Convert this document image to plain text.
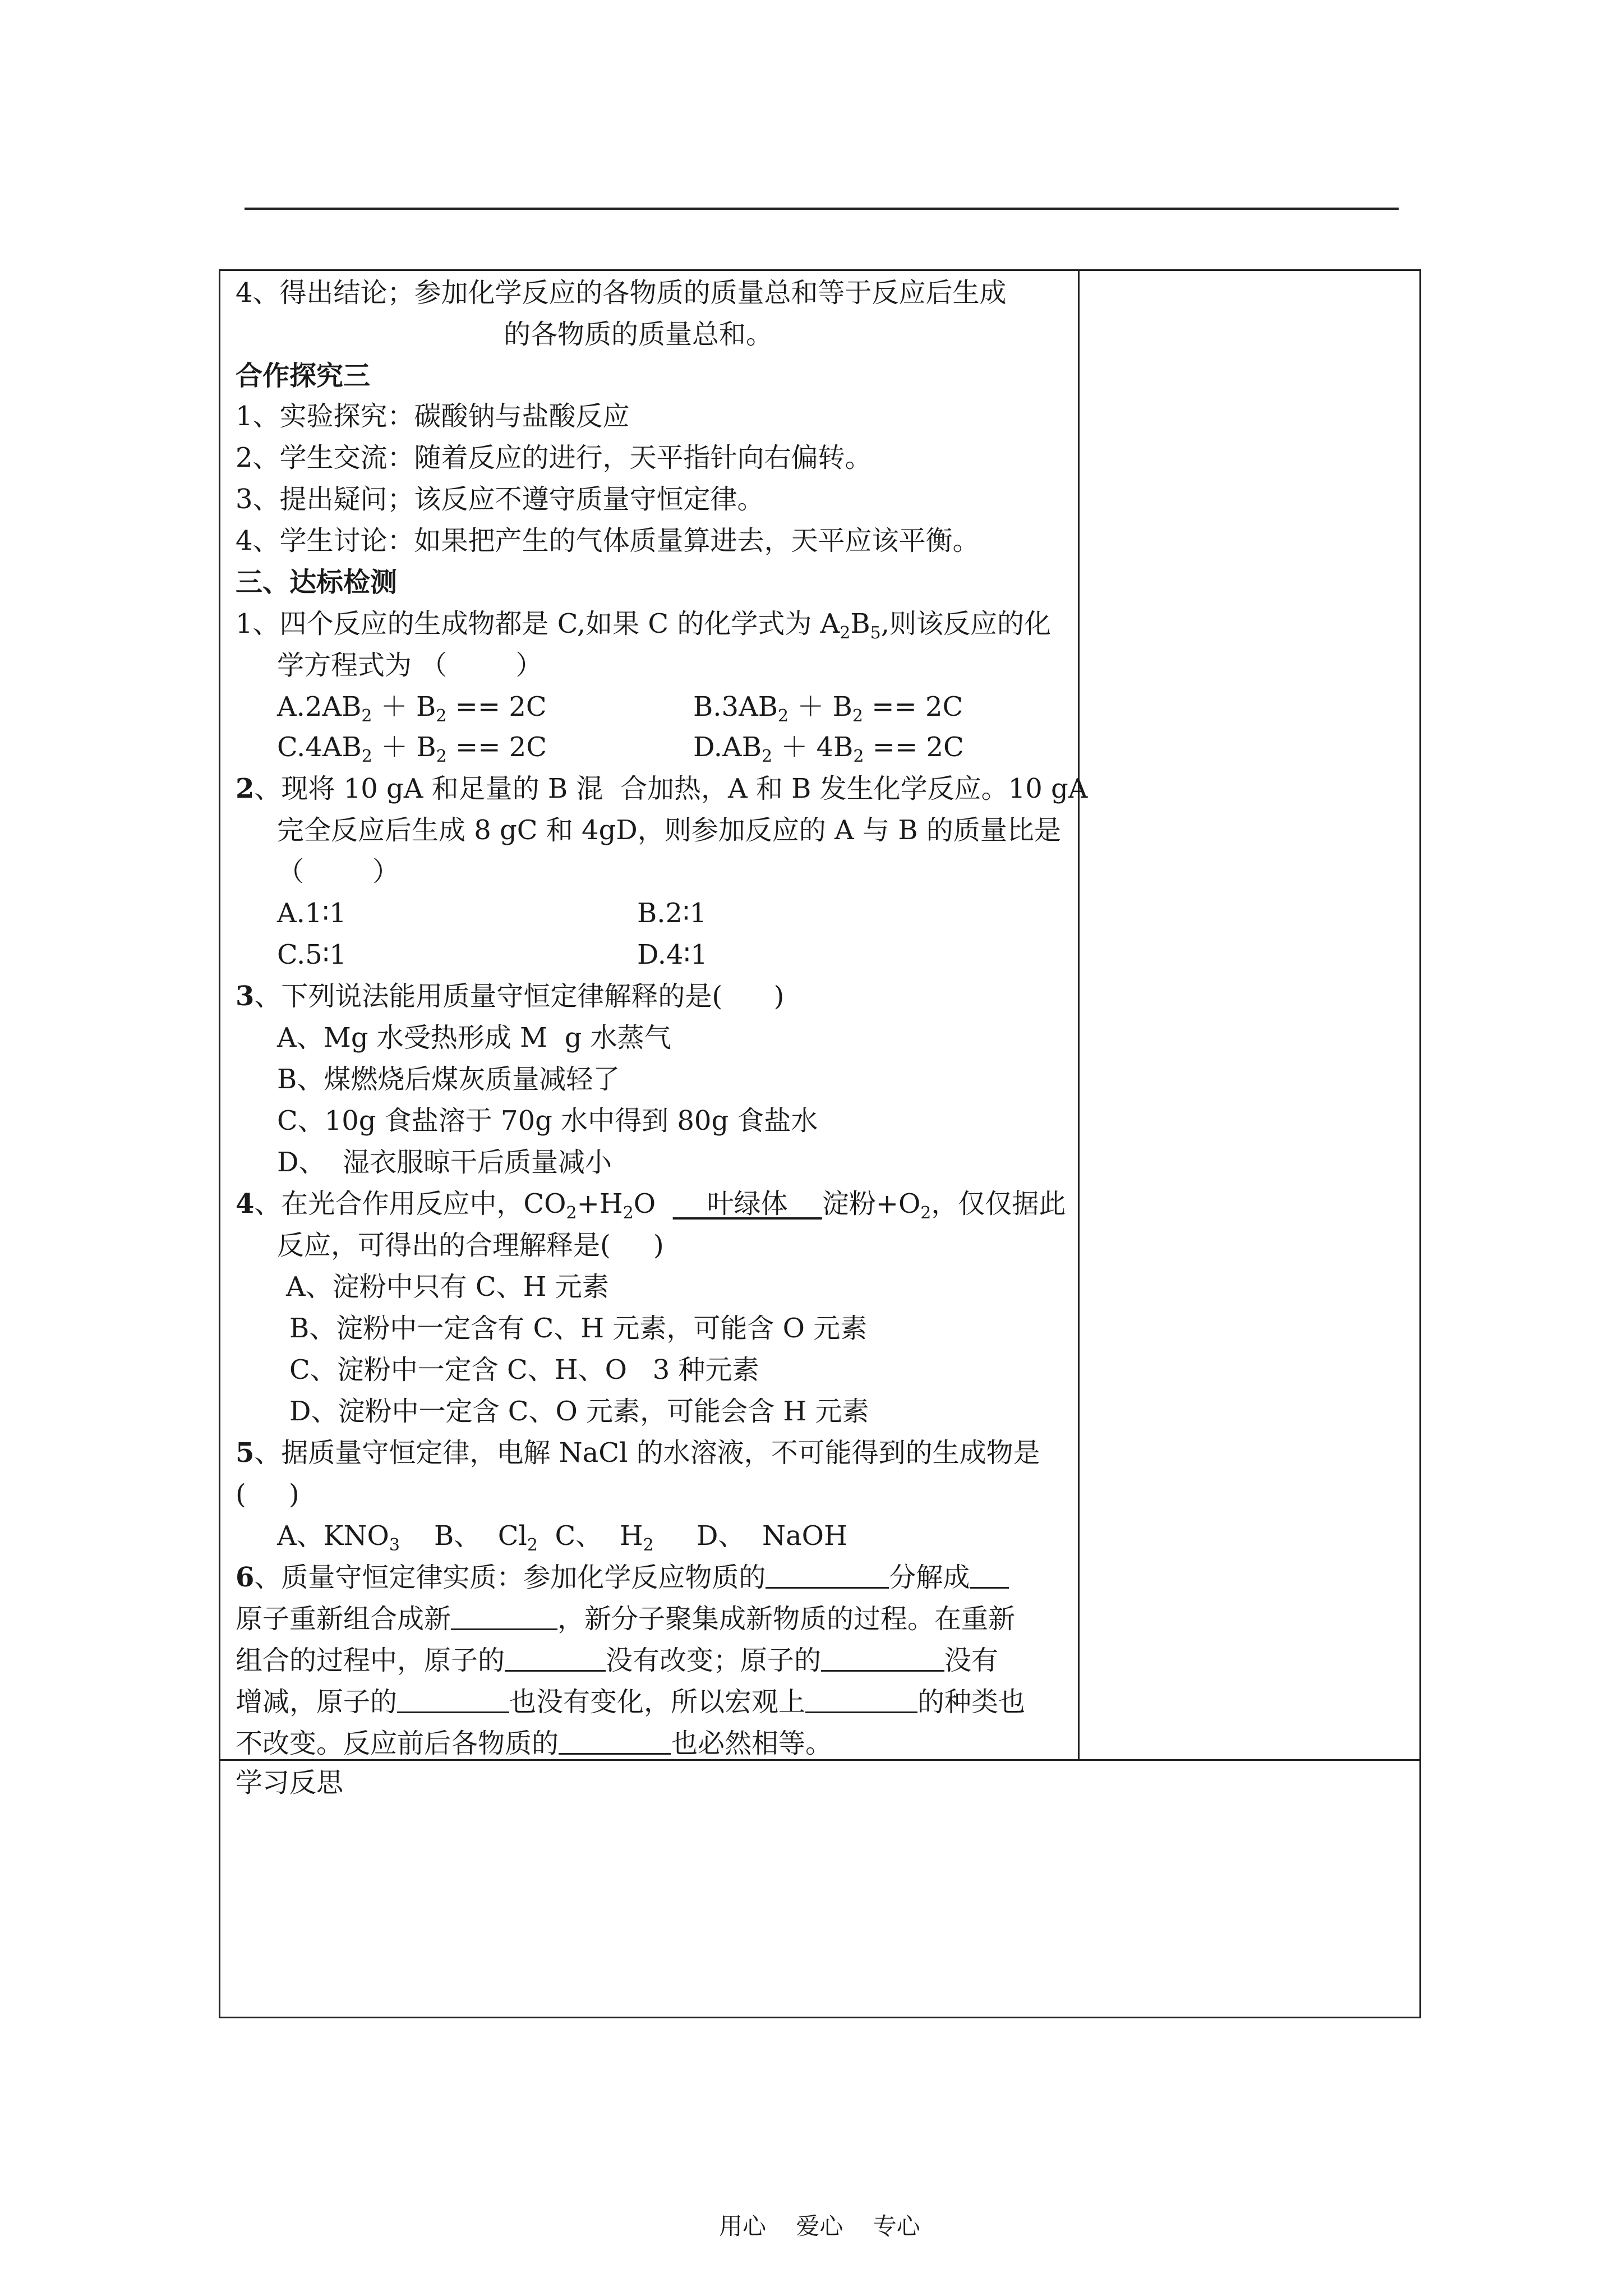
4、得出结论；参加化学反应的各物质的质量总和等于反应后生成
的各物质的质量总和。
合作探究三
1、实验探究：碳酸钠与盐酸反应
2、学生交流：随着反应的进行，天平指针向右偏转。
3、提出疑问；该反应不遵守质量守恒定律。
4、学生讨论：如果把产生的气体质量算进去，天平应该平衡。
三、达标检测
1、四个反应的生成物都是 C,如果 C 的化学式为 $A_2B_5$,则该反应的化
学方程式为 （        ）
$A.2AB_2 + B_2 == 2C$	$B.3AB_2 + B_2 == 2C$
$C.4AB_2 + B_2 == 2C$	$D.AB_2 + 4B_2 == 2C$
2、现将 10 gA 和足量的 B 混  合加热，A 和 B 发生化学反应。10 gA
完全反应后生成 8 gC 和 4gD，则参加反应的 A 与 B 的质量比是
（        ）
A.1∶1	B.2∶1
C.5∶1	D.4∶1
3、下列说法能用质量守恒定律解释的是(      )
A、Mg 水受热形成 M  g 水蒸气
B、煤燃烧后煤灰质量减轻了
C、10g 食盐溶于 70g 水中得到 80g 食盐水
D、  湿衣服晾干后质量减小
4、在光合作用反应中，$CO_2+H_2O$      叶绿体    淀粉$+O_2$，仅仅据此
反应，可得出的合理解释是(     )
A、淀粉中只有 C、H 元素
B、淀粉中一定含有 C、H 元素，可能含 O 元素
C、淀粉中一定含 C、H、O   3 种元素
D、淀粉中一定含 C、O 元素，可能会含 H 元素
5、据质量守恒定律，电解 NaCl 的水溶液，不可能得到的生成物是
(     )
A、$KNO_3$    B、  $Cl_2$  C、  $H_2$     D、  NaOH
6、质量守恒定律实质：参加化学反应物质的	分解成
原子重新组合成新	，新分子聚集成新物质的过程。在重新
组合的过程中，原子的	没有改变；原子的	没有
增减，原子的	也没有变化，所以宏观上	的种类也
不改变。反应前后各物质的	也必然相等。
学习反思
用心    爱心    专心
